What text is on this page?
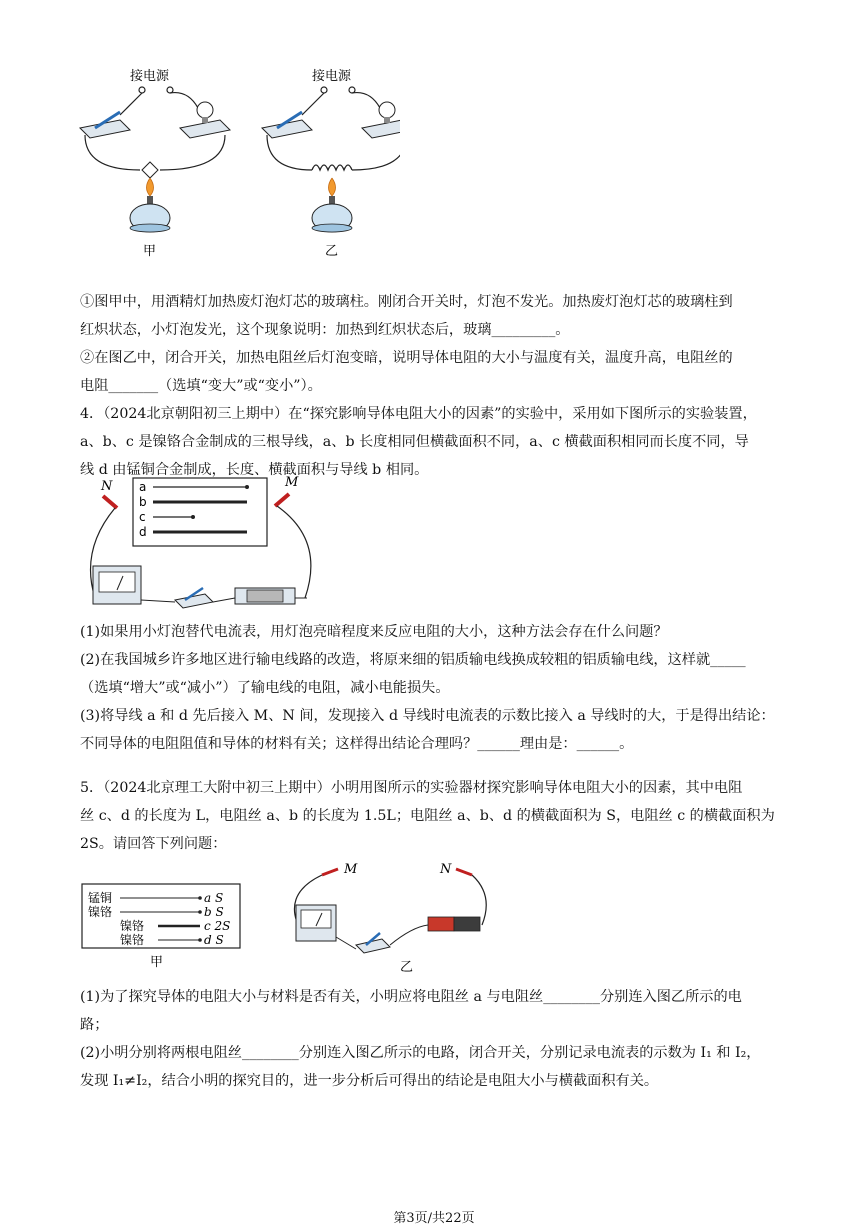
接电源
甲
接电源
乙

①图甲中，用酒精灯加热废灯泡灯芯的玻璃柱。刚闭合开关时，灯泡不发光。加热废灯泡灯芯的玻璃柱到

红炽状态，小灯泡发光，这个现象说明：加热到红炽状态后，玻璃_________。

②在图乙中，闭合开关，加热电阻丝后灯泡变暗，说明导体电阻的大小与温度有关，温度升高，电阻丝的

电阻_______（选填“变大”或“变小”）。

4．（2024北京朝阳初三上期中）在“探究影响导体电阻大小的因素”的实验中，采用如下图所示的实验装置，

a、b、c 是镍铬合金制成的三根导线，a、b 长度相同但横截面积不同，a、c 横截面积相同而长度不同，导

线 d 由锰铜合金制成，长度、横截面积与导线 b 相同。

N	M
a
b
c
d

(1)如果用小灯泡替代电流表，用灯泡亮暗程度来反应电阻的大小，这种方法会存在什么问题？

(2)在我国城乡许多地区进行输电线路的改造，将原来细的铝质输电线换成较粗的铝质输电线，这样就_____

（选填“增大”或“减小”）了输电线的电阻，减小电能损失。

(3)将导线 a 和 d 先后接入 M、N 间，发现接入 d 导线时电流表的示数比接入 a 导线时的大，于是得出结论：

不同导体的电阻阻值和导体的材料有关；这样得出结论合理吗？______理由是：______。

5．（2024北京理工大附中初三上期中）小明用图所示的实验器材探究影响导体电阻大小的因素，其中电阻

丝 c、d 的长度为 L，电阻丝 a、b 的长度为 1.5L；电阻丝 a、b、d 的横截面积为 S，电阻丝 c 的横截面积为

2S。请回答下列问题：

锰铜
镍铬
镍铬
镍铬
a S
b S
c 2S
d S
甲
M	N
乙

(1)为了探究导体的电阻大小与材料是否有关，小明应将电阻丝 a 与电阻丝________分别连入图乙所示的电

路；

(2)小明分别将两根电阻丝________分别连入图乙所示的电路，闭合开关，分别记录电流表的示数为 I₁ 和 I₂，

发现 I₁≠I₂，结合小明的探究目的，进一步分析后可得出的结论是电阻大小与横截面积有关。

第3页/共22页
